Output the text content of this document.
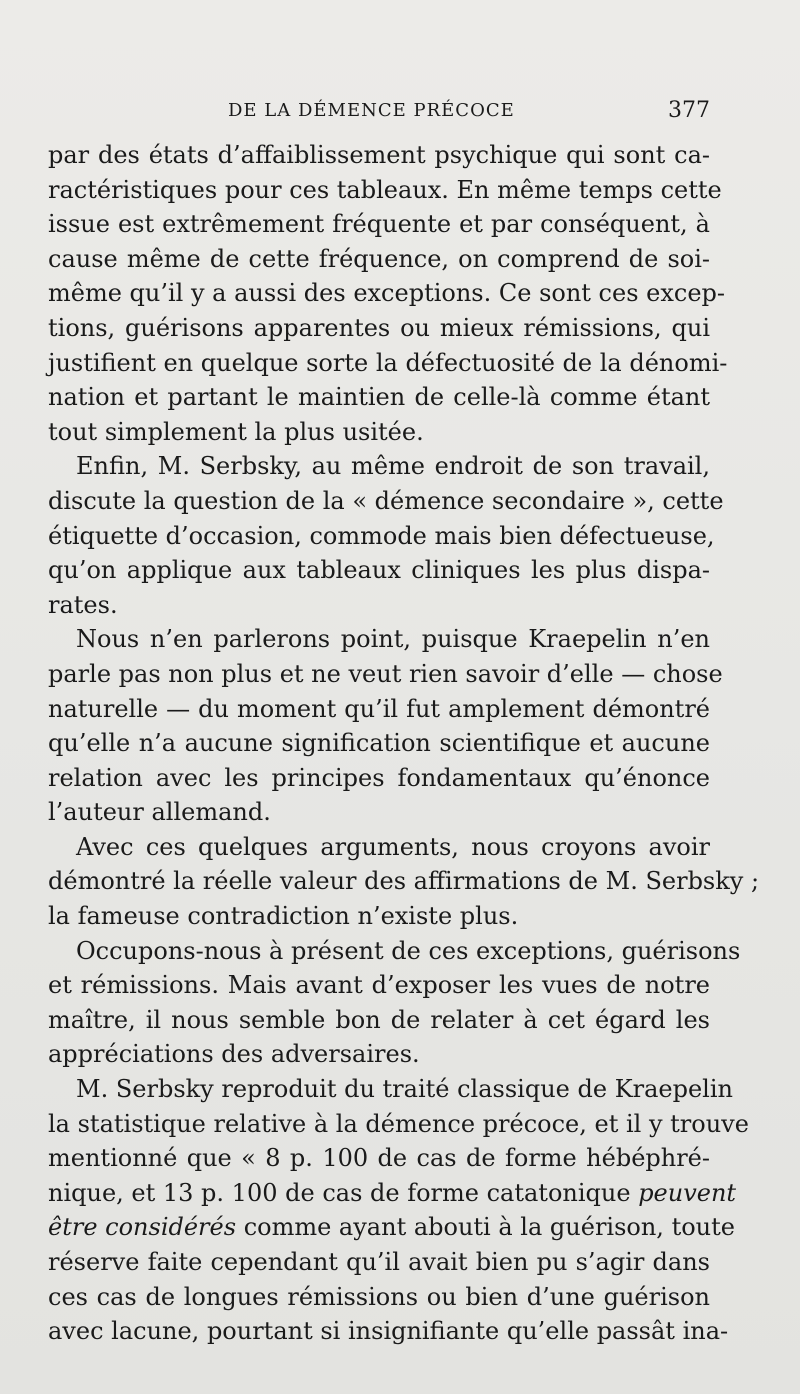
DE LA DÉMENCE PRÉCOCE	377
par des états d’affaiblissement psychique qui sont ca-
ractéristiques pour ces tableaux. En même temps cette
issue est extrêmement fréquente et par conséquent, à
cause même de cette fréquence, on comprend de soi-
même qu’il y a aussi des exceptions. Ce sont ces excep-
tions, guérisons apparentes ou mieux rémissions, qui
justifient en quelque sorte la défectuosité de la dénomi-
nation et partant le maintien de celle-là comme étant
tout simplement la plus usitée.
Enfin, M. Serbsky, au même endroit de son travail,
discute la question de la « démence secondaire », cette
étiquette d’occasion, commode mais bien défectueuse,
qu’on applique aux tableaux cliniques les plus dispa-
rates.
Nous n’en parlerons point, puisque Kraepelin n’en
parle pas non plus et ne veut rien savoir d’elle — chose
naturelle — du moment qu’il fut amplement démontré
qu’elle n’a aucune signification scientifique et aucune
relation avec les principes fondamentaux qu’énonce
l’auteur allemand.
Avec ces quelques arguments, nous croyons avoir
démontré la réelle valeur des affirmations de M. Serbsky ;
la fameuse contradiction n’existe plus.
Occupons-nous à présent de ces exceptions, guérisons
et rémissions. Mais avant d’exposer les vues de notre
maître, il nous semble bon de relater à cet égard les
appréciations des adversaires.
M. Serbsky reproduit du traité classique de Kraepelin
la statistique relative à la démence précoce, et il y trouve
mentionné que « 8 p. 100 de cas de forme hébéphré-
nique, et 13 p. 100 de cas de forme catatonique peuvent
être considérés comme ayant abouti à la guérison, toute
réserve faite cependant qu’il avait bien pu s’agir dans
ces cas de longues rémissions ou bien d’une guérison
avec lacune, pourtant si insignifiante qu’elle passât ina-
